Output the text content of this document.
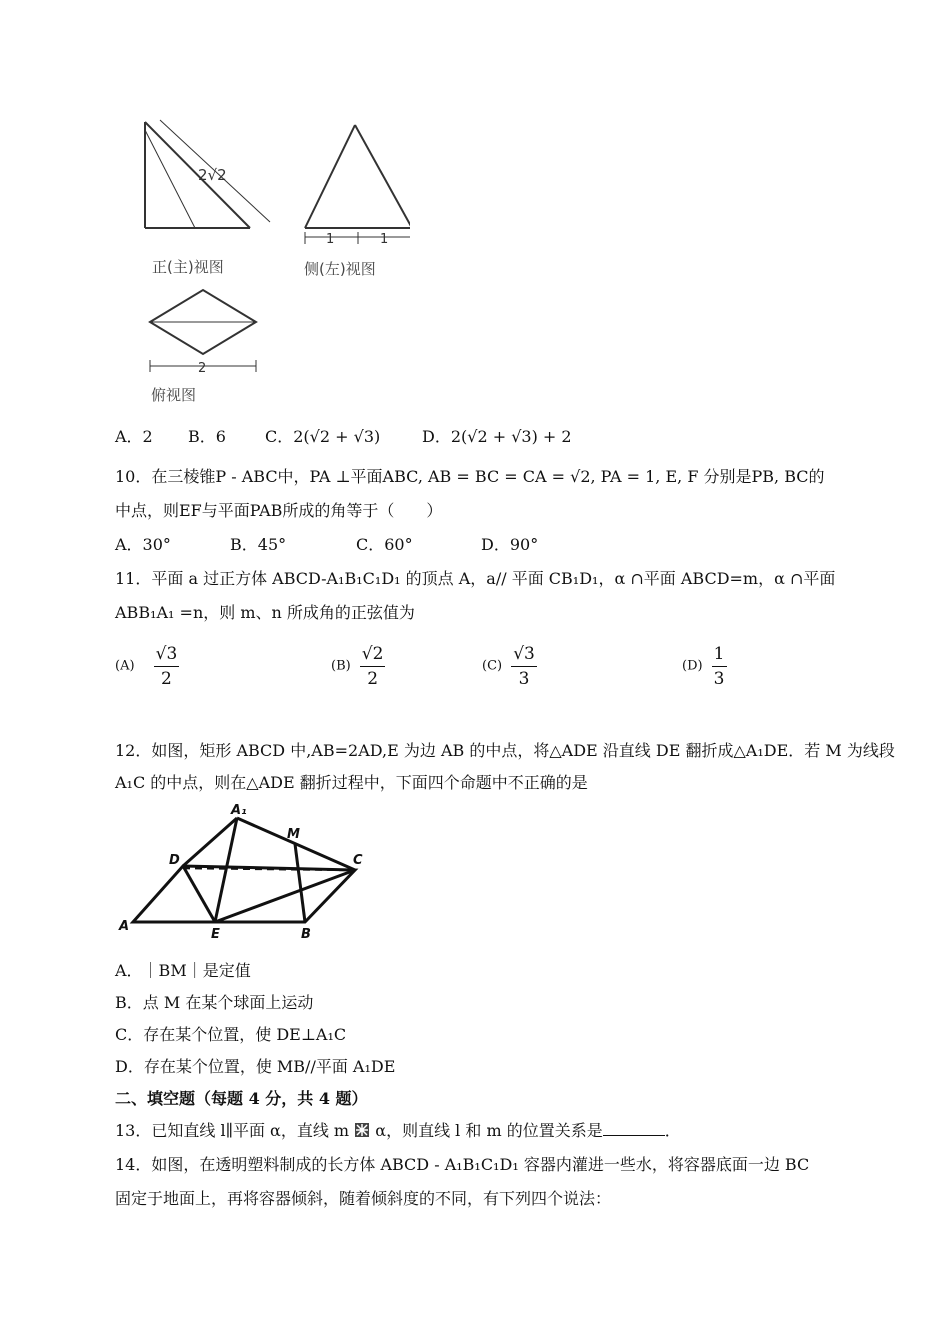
2√2
1	1
2
正(主)视图	侧(左)视图
俯视图
A．2 B．6 C．2(√2 + √3)	D．2(√2 + √3) + 2
10．在三棱锥P - ABC中，PA ⊥平面ABC, AB = BC = CA = √2, PA = 1, E, F 分别是PB, BC的
中点，则EF与平面PAB所成的角等于（　　）
A．30°	B．45°	C．60°	D．90°
11．平面 a 过正方体 ABCD-A₁B₁C₁D₁ 的顶点 A，a// 平面 CB₁D₁，α ∩平面 ABCD=m，α ∩平面
ABB₁A₁ =n，则 m、n 所成角的正弦值为
$(A) \frac{√3}{2}$	$(B) \frac{√2}{2}$	$(C) \frac{√3}{3}$	$(D) \frac{1}{3}$
12．如图，矩形 ABCD 中,AB=2AD,E 为边 AB 的中点，将△ADE 沿直线 DE 翻折成△A₁DE．若 M 为线段
A₁C 的中点，则在△ADE 翻折过程中，下面四个命题中不正确的是
A₁
M
D	C
A
E	B
A．｜BM｜是定值
B．点 M 在某个球面上运动
C．存在某个位置，使 DE⊥A₁C
D．存在某个位置，使 MB//平面 A₁DE
二、填空题（每题 4 分，共 4 题）
13．已知直线 l∥平面 α，直线 m  α，则直线 l 和 m 的位置关系是	．
14．如图，在透明塑料制成的长方体 ABCD - A₁B₁C₁D₁ 容器内灌进一些水，将容器底面一边 BC
固定于地面上，再将容器倾斜，随着倾斜度的不同，有下列四个说法：
